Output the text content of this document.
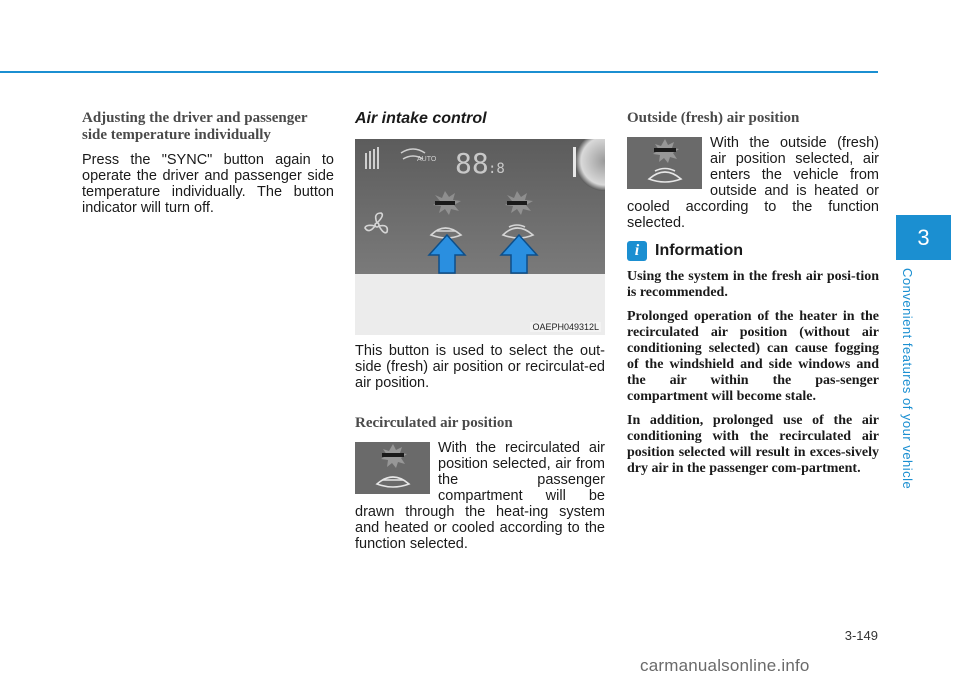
Adjusting the driver and passenger side temperature individually

Press the "SYNC" button again to operate the driver and passenger side temperature individually. The button indicator will turn off.

Air intake control
AUTO 88 :8
OAEPH049312L

This button is used to select the out-side (fresh) air position or recirculat-ed air position.

Recirculated air position

With the recirculated air position selected, air from the passenger compartment will be drawn through the heat-ing system and heated or cooled according to the function selected.

Outside (fresh) air position

With the outside (fresh) air position selected, air enters the vehicle from outside and is heated or cooled according to the function selected.

i Information

Using the system in the fresh air posi-tion is recommended.

Prolonged operation of the heater in the recirculated air position (without air conditioning selected) can cause fogging of the windshield and side windows and the air within the pas-senger compartment will become stale.

In addition, prolonged use of the air conditioning with the recirculated air position selected will result in exces-sively dry air in the passenger com-partment.

3
Convenient features of your vehicle
3-149
carmanualsonline.info
